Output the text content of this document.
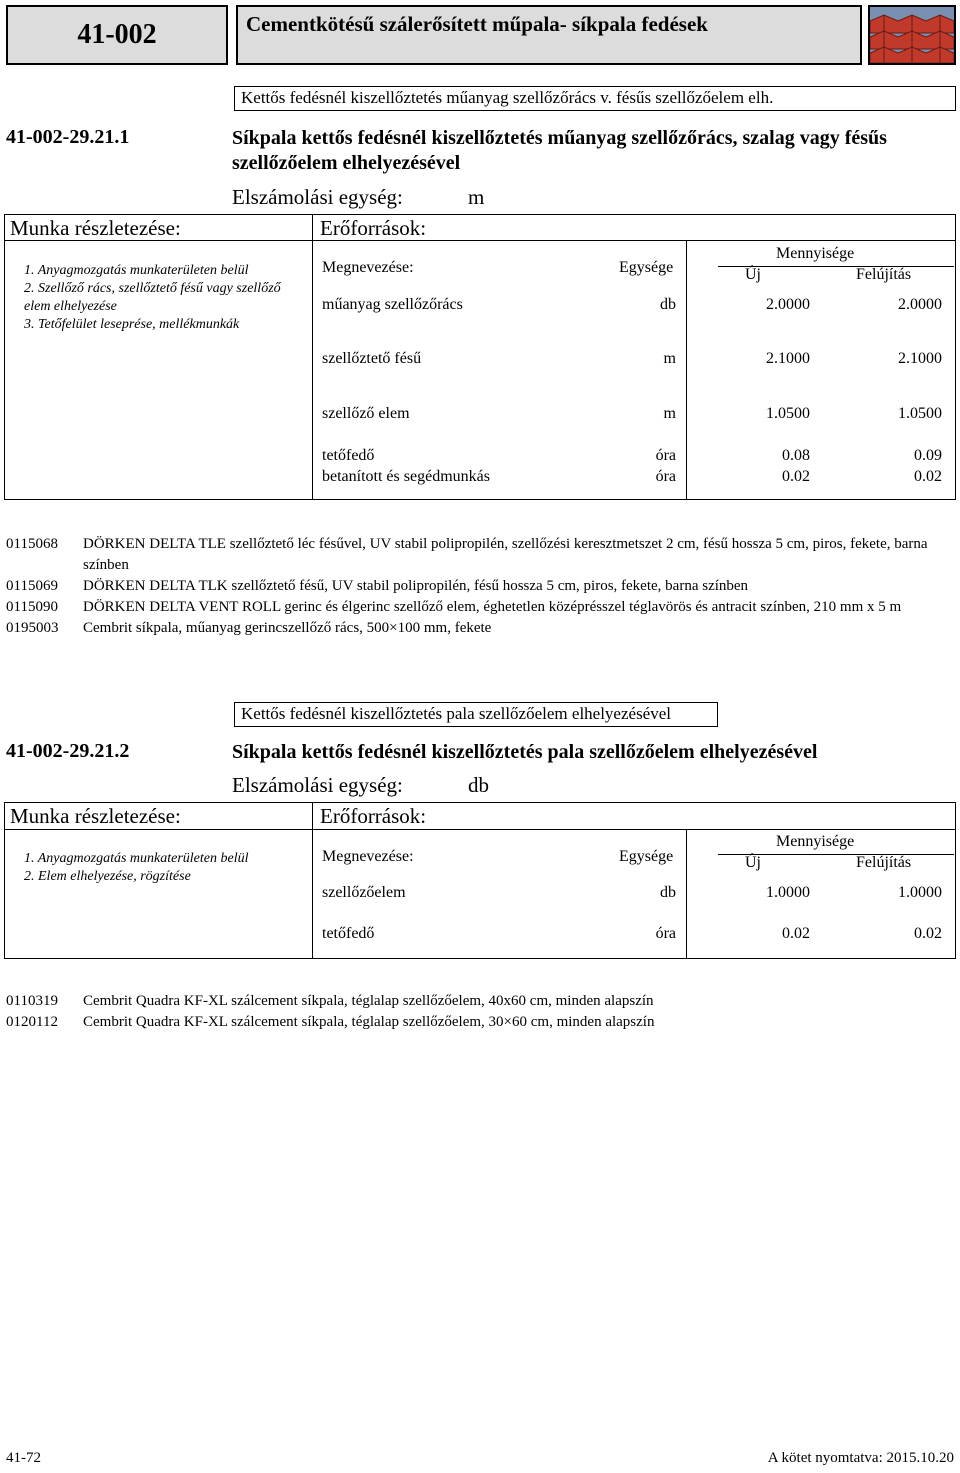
41-002	Cementkötésű szálerősített műpala- síkpala fedések
Kettős fedésnél kiszellőztetés műanyag szellőzőrács v. fésűs szellőzőelem elh.
41-002-29.21.1	Síkpala kettős fedésnél kiszellőztetés műanyag szellőzőrács, szalag vagy fésűs szellőzőelem elhelyezésével
Elszámolási egység:	m
Munka részletezése:	Erőforrások:
1. Anyagmozgatás munkaterületen belül
2. Szellőző rács, szellőztető fésű vagy szellőző elem elhelyezése
3. Tetőfelület leseprése, mellékmunkák
Megnevezése:	Egysége
Mennyisége
Új	Felújítás
műanyag szellőzőrács	db	2.0000	2.0000
szellőztető fésű	m	2.1000	2.1000
szellőző elem	m	1.0500	1.0500
tetőfedő	óra	0.08	0.09
betanított és segédmunkás	óra	0.02	0.02
0115068	DÖRKEN DELTA TLE szellőztető léc fésűvel, UV stabil polipropilén, szellőzési keresztmetszet 2 cm, fésű hossza 5 cm, piros, fekete, barna színben
0115069	DÖRKEN DELTA TLK szellőztető fésű, UV stabil polipropilén, fésű hossza 5 cm, piros, fekete, barna színben
0115090	DÖRKEN DELTA VENT ROLL gerinc és élgerinc szellőző elem, éghetetlen középrésszel téglavörös és antracit színben, 210 mm x 5 m
0195003	Cembrit síkpala, műanyag gerincszellőző rács, 500×100 mm, fekete
Kettős fedésnél kiszellőztetés pala szellőzőelem elhelyezésével
41-002-29.21.2	Síkpala kettős fedésnél kiszellőztetés pala szellőzőelem elhelyezésével
Elszámolási egység:	db
Munka részletezése:	Erőforrások:
1. Anyagmozgatás munkaterületen belül
2. Elem elhelyezése, rögzítése
Megnevezése:	Egysége
Mennyisége
Új	Felújítás
szellőzőelem	db	1.0000	1.0000
tetőfedő	óra	0.02	0.02
0110319	Cembrit Quadra KF-XL szálcement síkpala, téglalap szellőzőelem, 40x60 cm, minden alapszín
0120112	Cembrit Quadra KF-XL szálcement síkpala, téglalap szellőzőelem, 30×60 cm, minden alapszín
41-72	A kötet nyomtatva: 2015.10.20
